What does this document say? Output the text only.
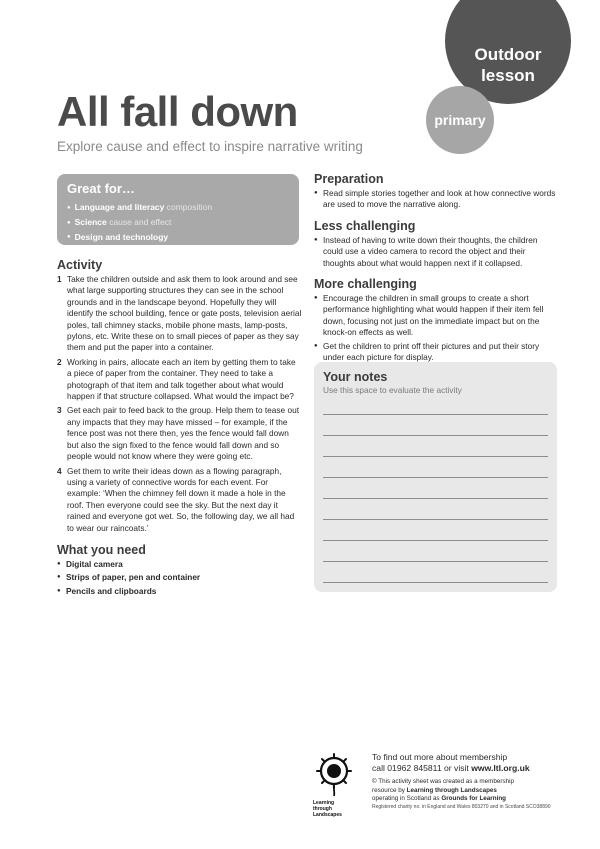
Outdoor
lesson
primary
All fall down
Explore cause and effect to inspire narrative writing
Great for…
● Language and literacy composition
● Science cause and effect
● Design and technology
Activity
1 Take the children outside and ask them to look around and see what large supporting structures they can see in the school grounds and in the landscape beyond. Hopefully they will identify the school building, fence or gate posts, television aerial poles, tall chimney stacks, mobile phone masts, lamp-posts, pylons, etc. Write these on to small pieces of paper as they say them and put the paper into a container.
2 Working in pairs, allocate each an item by getting them to take a piece of paper from the container. They need to take a photograph of that item and talk together about what would happen if that structure collapsed. What would the impact be?
3 Get each pair to feed back to the group. Help them to tease out any impacts that they may have missed – for example, if the fence post was not there then, yes the fence would fall down but also the sign fixed to the fence would fall down and so people would not know where they were going etc.
4 Get them to write their ideas down as a flowing paragraph, using a variety of connective words for each event. For example: ‘When the chimney fell down it made a hole in the roof. Then everyone could see the sky. But the next day it rained and everyone got wet. So, the following day, we all had to wear our raincoats.’
What you need
● Digital camera
● Strips of paper, pen and container
● Pencils and clipboards
Preparation
● Read simple stories together and look at how connective words are used to move the narrative along.
Less challenging
● Instead of having to write down their thoughts, the children could use a video camera to record the object and their thoughts about what would happen next if it collapsed.
More challenging
● Encourage the children in small groups to create a short performance highlighting what would happen if their item fell down, focusing not just on the immediate impact but on the knock-on effects as well.
● Get the children to print off their pictures and put their story under each picture for display.
Your notes
Use this space to evaluate the activity
Learning
through
Landscapes
To find out more about membership
call 01962 845811 or visit www.ltl.org.uk
© This activity sheet was created as a membership
resource by Learning through Landscapes
operating in Scotland as Grounds for Learning
Registered charity no. in England and Wales 803270 and in Scotland SCO38890
